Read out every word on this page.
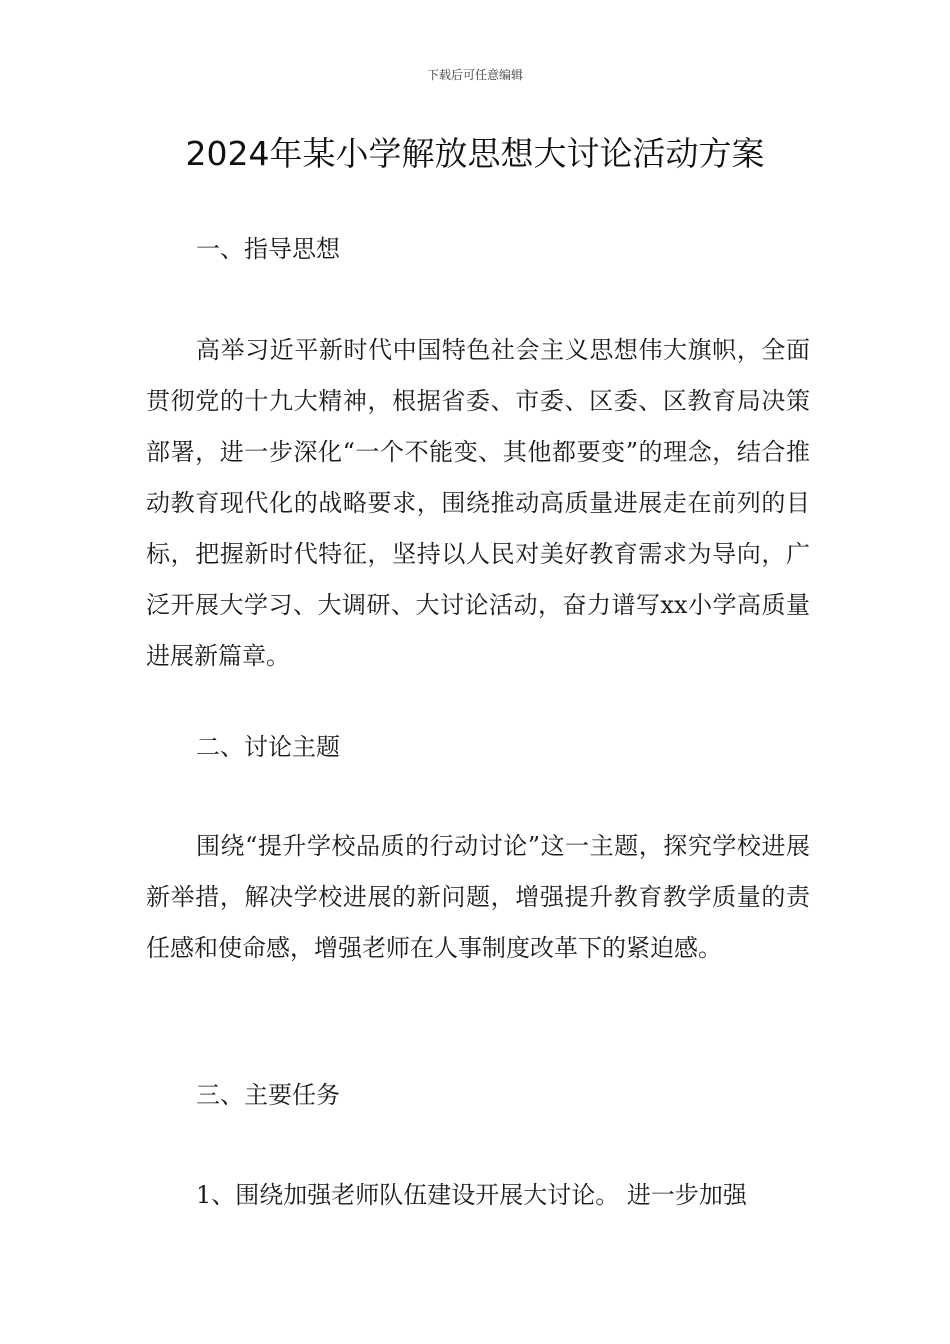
下载后可任意编辑
2024年某小学解放思想大讨论活动方案
一、指导思想

高举习近平新时代中国特色社会主义思想伟大旗帜，全面贯彻党的十九大精神，根据省委、市委、区委、区教育局决策部署，进一步深化“一个不能变、其他都要变”的理念，结合推动教育现代化的战略要求，围绕推动高质量进展走在前列的目标，把握新时代特征，坚持以人民对美好教育需求为导向，广泛开展大学习、大调研、大讨论活动，奋力谱写xx小学高质量进展新篇章。

二、讨论主题

围绕“提升学校品质的行动讨论”这一主题，探究学校进展新举措，解决学校进展的新问题，增强提升教育教学质量的责任感和使命感，增强老师在人事制度改革下的紧迫感。

三、主要任务

1、围绕加强老师队伍建设开展大讨论。 进一步加强
